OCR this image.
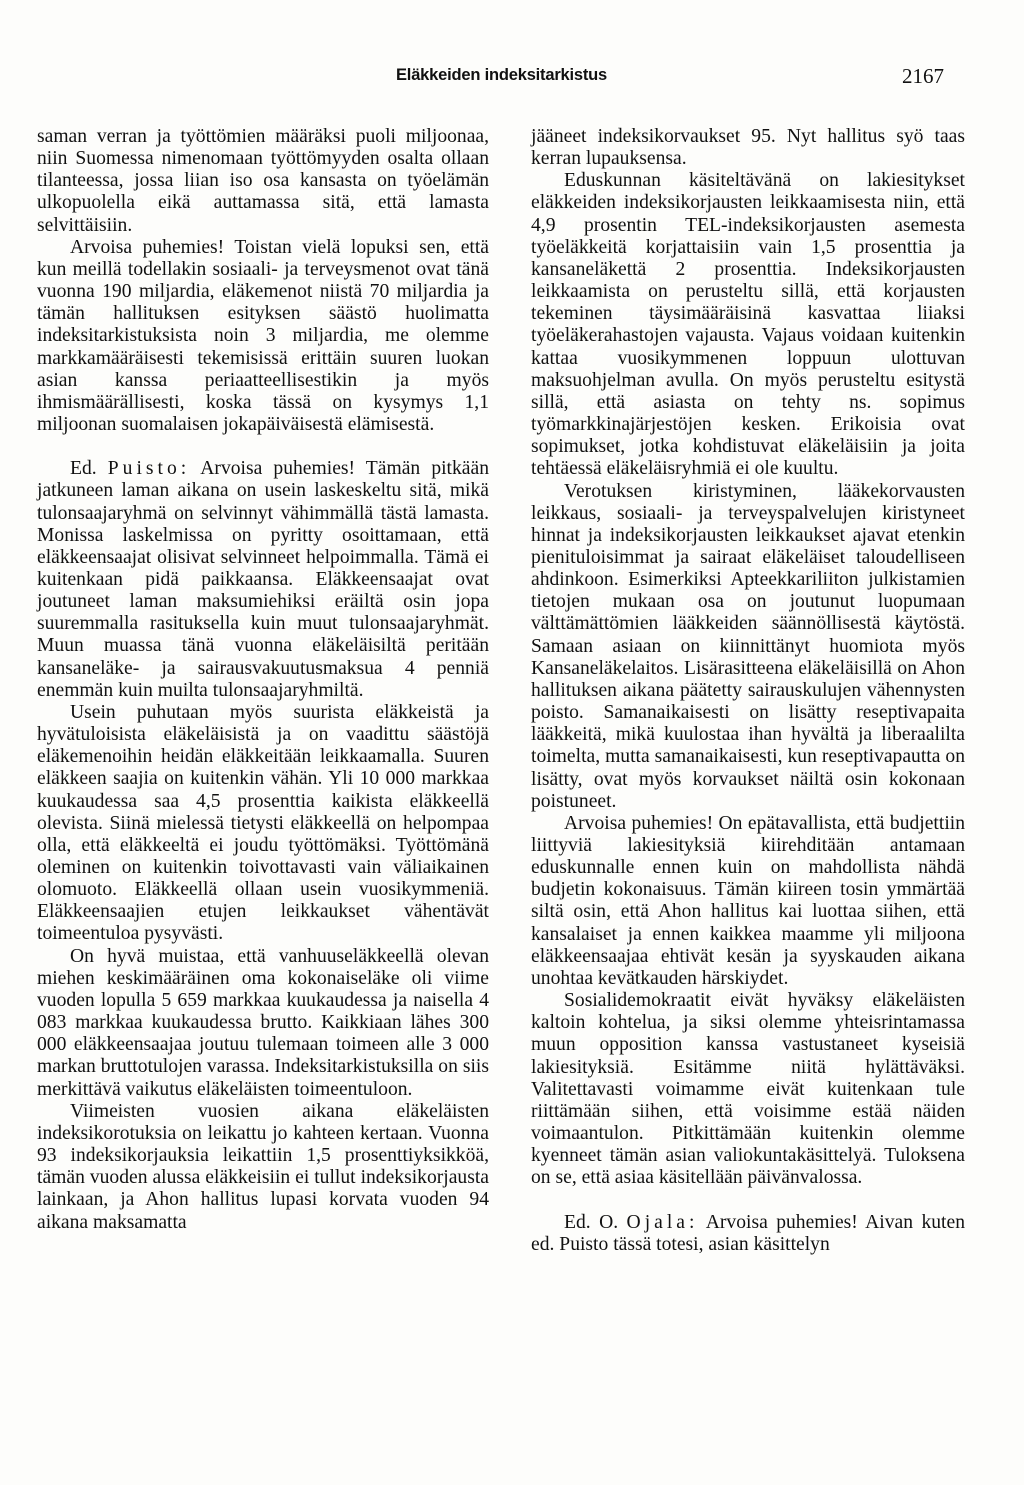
Eläkkeiden indeksitarkistus	2167

saman verran ja työttömien määräksi puoli miljoonaa, niin Suomessa nimenomaan työttömyyden osalta ollaan tilanteessa, jossa liian iso osa kansasta on työelämän ulkopuolella eikä auttamassa sitä, että lamasta selvittäisiin.

Arvoisa puhemies! Toistan vielä lopuksi sen, että kun meillä todellakin sosiaali- ja terveysmenot ovat tänä vuonna 190 miljardia, eläkemenot niistä 70 miljardia ja tämän hallituksen esityksen säästö huolimatta indeksitarkistuksista noin 3 miljardia, me olemme markkamääräisesti tekemisissä erittäin suuren luokan asian kanssa periaatteellisestikin ja myös ihmismäärällisesti, koska tässä on kysymys 1,1 miljoonan suomalaisen jokapäiväisestä elämisestä.

Ed. Puisto: Arvoisa puhemies! Tämän pitkään jatkuneen laman aikana on usein laskeskeltu sitä, mikä tulonsaajaryhmä on selvinnyt vähimmällä tästä lamasta. Monissa laskelmissa on pyritty osoittamaan, että eläkkeensaajat olisivat selvinneet helpoimmalla. Tämä ei kuitenkaan pidä paikkaansa. Eläkkeensaajat ovat joutuneet laman maksumiehiksi eräiltä osin jopa suuremmalla rasituksella kuin muut tulonsaajaryhmät. Muun muassa tänä vuonna eläkeläisiltä peritään kansaneläke- ja sairausvakuutusmaksua 4 penniä enemmän kuin muilta tulonsaajaryhmiltä.

Usein puhutaan myös suurista eläkkeistä ja hyvätuloisista eläkeläisistä ja on vaadittu säästöjä eläkemenoihin heidän eläkkeitään leikkaamalla. Suuren eläkkeen saajia on kuitenkin vähän. Yli 10 000 markkaa kuukaudessa saa 4,5 prosenttia kaikista eläkkeellä olevista. Siinä mielessä tietysti eläkkeellä on helpompaa olla, että eläkkeeltä ei joudu työttömäksi. Työttömänä oleminen on kuitenkin toivottavasti vain väliaikainen olomuoto. Eläkkeellä ollaan usein vuosikymmeniä. Eläkkeensaajien etujen leikkaukset vähentävät toimeentuloa pysyvästi.

On hyvä muistaa, että vanhuuseläkkeellä olevan miehen keskimääräinen oma kokonaiseläke oli viime vuoden lopulla 5 659 markkaa kuukaudessa ja naisella 4 083 markkaa kuukaudessa brutto. Kaikkiaan lähes 300 000 eläkkeensaajaa joutuu tulemaan toimeen alle 3 000 markan bruttotulojen varassa. Indeksitarkistuksilla on siis merkittävä vaikutus eläkeläisten toimeentuloon.

Viimeisten vuosien aikana eläkeläisten indeksikorotuksia on leikattu jo kahteen kertaan. Vuonna 93 indeksikorjauksia leikattiin 1,5 prosenttiyksikköä, tämän vuoden alussa eläkkeisiin ei tullut indeksikorjausta lainkaan, ja Ahon hallitus lupasi korvata vuoden 94 aikana maksamatta

jääneet indeksikorvaukset 95. Nyt hallitus syö taas kerran lupauksensa.

Eduskunnan käsiteltävänä on lakiesitykset eläkkeiden indeksikorjausten leikkaamisesta niin, että 4,9 prosentin TEL-indeksikorjausten asemesta työeläkkeitä korjattaisiin vain 1,5 prosenttia ja kansaneläkettä 2 prosenttia. Indeksikorjausten leikkaamista on perusteltu sillä, että korjausten tekeminen täysimääräisinä kasvattaa liiaksi työeläkerahastojen vajausta. Vajaus voidaan kuitenkin kattaa vuosikymmenen loppuun ulottuvan maksuohjelman avulla. On myös perusteltu esitystä sillä, että asiasta on tehty ns. sopimus työmarkkinajärjestöjen kesken. Erikoisia ovat sopimukset, jotka kohdistuvat eläkeläisiin ja joita tehtäessä eläkeläisryhmiä ei ole kuultu.

Verotuksen kiristyminen, lääkekorvausten leikkaus, sosiaali- ja terveyspalvelujen kiristyneet hinnat ja indeksikorjausten leikkaukset ajavat etenkin pienituloisimmat ja sairaat eläkeläiset taloudelliseen ahdinkoon. Esimerkiksi Apteekkariliiton julkistamien tietojen mukaan osa on joutunut luopumaan välttämättömien lääkkeiden säännöllisestä käytöstä. Samaan asiaan on kiinnittänyt huomiota myös Kansaneläkelaitos. Lisärasitteena eläkeläisillä on Ahon hallituksen aikana päätetty sairauskulujen vähennysten poisto. Samanaikaisesti on lisätty reseptivapaita lääkkeitä, mikä kuulostaa ihan hyvältä ja liberaalilta toimelta, mutta samanaikaisesti, kun reseptivapautta on lisätty, ovat myös korvaukset näiltä osin kokonaan poistuneet.

Arvoisa puhemies! On epätavallista, että budjettiin liittyviä lakiesityksiä kiirehditään antamaan eduskunnalle ennen kuin on mahdollista nähdä budjetin kokonaisuus. Tämän kiireen tosin ymmärtää siltä osin, että Ahon hallitus kai luottaa siihen, että kansalaiset ja ennen kaikkea maamme yli miljoona eläkkeensaajaa ehtivät kesän ja syyskauden aikana unohtaa kevätkauden härskiydet.

Sosialidemokraatit eivät hyväksy eläkeläisten kaltoin kohtelua, ja siksi olemme yhteisrintamassa muun opposition kanssa vastustaneet kyseisiä lakiesityksiä. Esitämme niitä hylättäväksi. Valitettavasti voimamme eivät kuitenkaan tule riittämään siihen, että voisimme estää näiden voimaantulon. Pitkittämään kuitenkin olemme kyenneet tämän asian valiokuntakäsittelyä. Tuloksena on se, että asiaa käsitellään päivänvalossa.

Ed. O. Ojala: Arvoisa puhemies! Aivan kuten ed. Puisto tässä totesi, asian käsittelyn
